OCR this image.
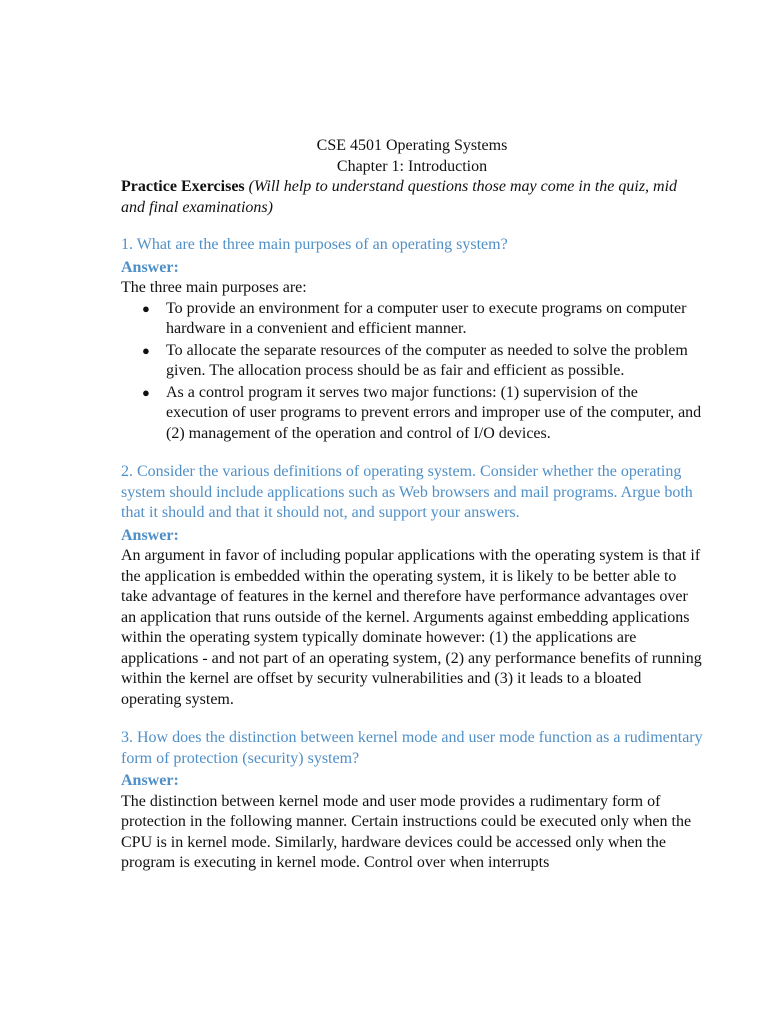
CSE 4501 Operating Systems

Chapter 1: Introduction

Practice Exercises (Will help to understand questions those may come in the quiz, mid and final examinations)

1. What are the three main purposes of an operating system?

Answer:

The three main purposes are:

● To provide an environment for a computer user to execute programs on computer hardware in a convenient and efficient manner.
● To allocate the separate resources of the computer as needed to solve the problem given. The allocation process should be as fair and efficient as possible.
● As a control program it serves two major functions: (1) supervision of the execution of user programs to prevent errors and improper use of the computer, and (2) management of the operation and control of I/O devices.

2. Consider the various definitions of operating system. Consider whether the operating system should include applications such as Web browsers and mail programs. Argue both that it should and that it should not, and support your answers.

Answer:

An argument in favor of including popular applications with the operating system is that if the application is embedded within the operating system, it is likely to be better able to take advantage of features in the kernel and therefore have performance advantages over an application that runs outside of the kernel. Arguments against embedding applications within the operating system typically dominate however: (1) the applications are applications - and not part of an operating system, (2) any performance benefits of running within the kernel are offset by security vulnerabilities and (3) it leads to a bloated operating system.

3. How does the distinction between kernel mode and user mode function as a rudimentary form of protection (security) system?

Answer:

The distinction between kernel mode and user mode provides a rudimentary form of protection in the following manner. Certain instructions could be executed only when the CPU is in kernel mode. Similarly, hardware devices could be accessed only when the program is executing in kernel mode. Control over when interrupts
